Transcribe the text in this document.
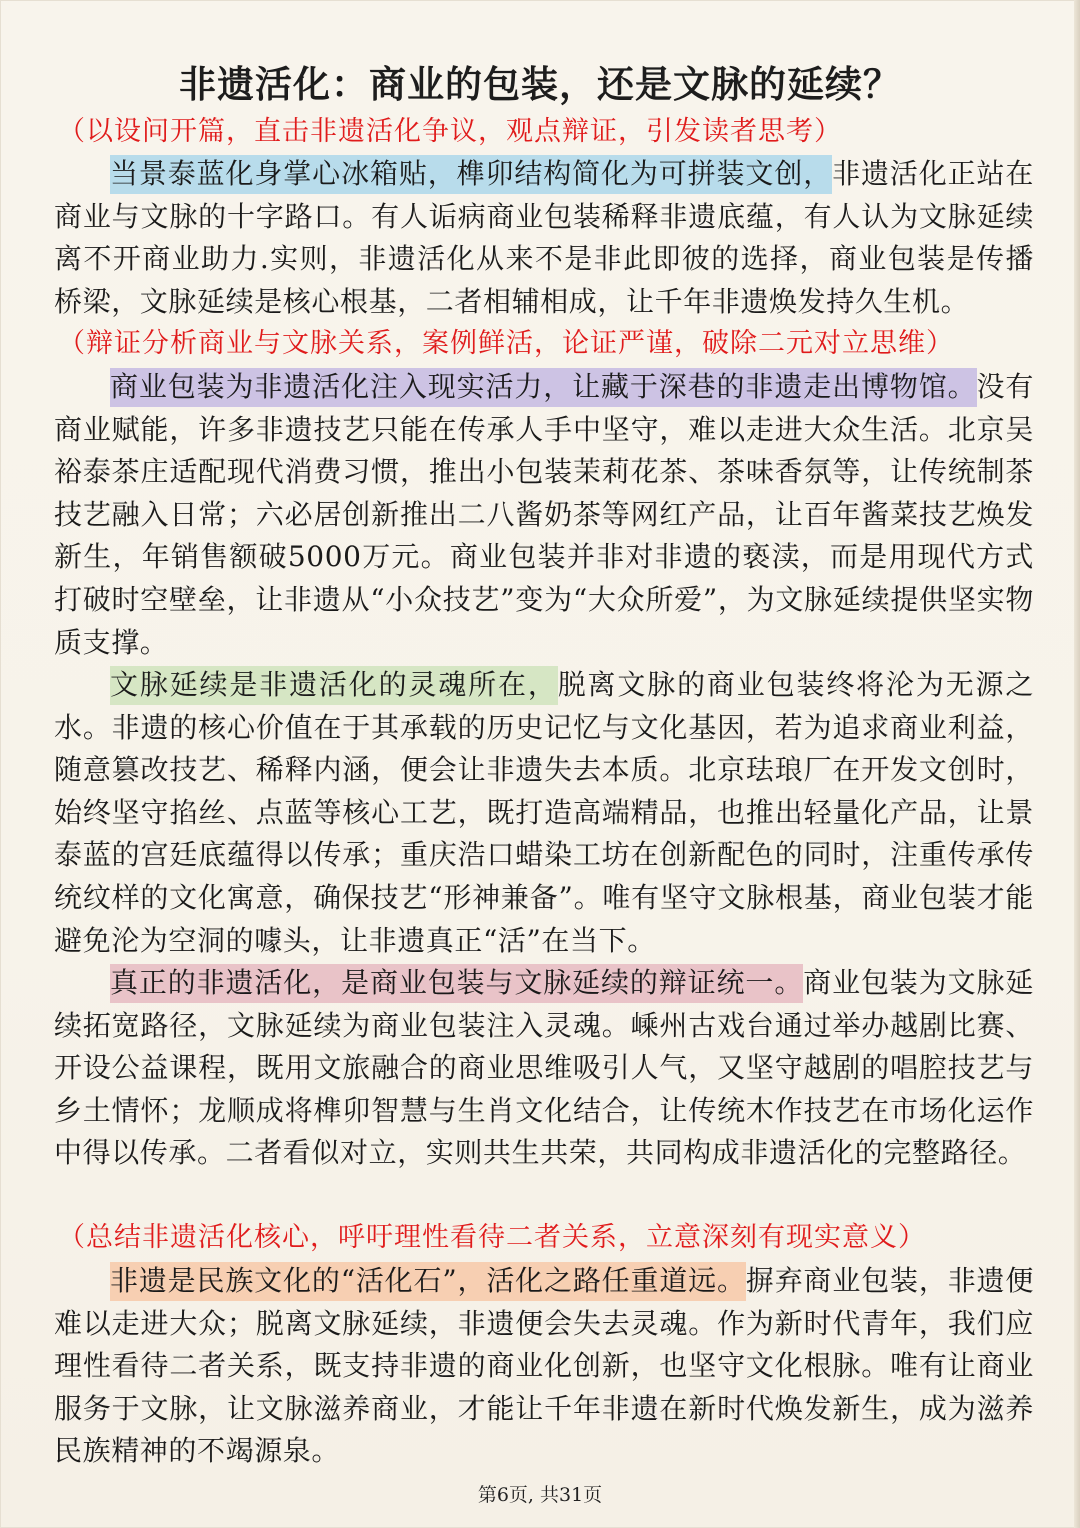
非遗活化：商业的包装，还是文脉的延续？
（以设问开篇，直击非遗活化争议，观点辩证，引发读者思考）
当景泰蓝化身掌心冰箱贴，榫卯结构简化为可拼装文创，非遗活化正站在商业与文脉的十字路口。有人诟病商业包装稀释非遗底蕴，有人认为文脉延续离不开商业助力.实则，非遗活化从来不是非此即彼的选择，商业包装是传播桥梁，文脉延续是核心根基，二者相辅相成，让千年非遗焕发持久生机。
（辩证分析商业与文脉关系，案例鲜活，论证严谨，破除二元对立思维）
商业包装为非遗活化注入现实活力，让藏于深巷的非遗走出博物馆。没有商业赋能，许多非遗技艺只能在传承人手中坚守，难以走进大众生活。北京吴裕泰茶庄适配现代消费习惯，推出小包装茉莉花茶、茶味香氛等，让传统制茶技艺融入日常；六必居创新推出二八酱奶茶等网红产品，让百年酱菜技艺焕发新生，年销售额破5000万元。商业包装并非对非遗的亵渎，而是用现代方式打破时空壁垒，让非遗从“小众技艺”变为“大众所爱”，为文脉延续提供坚实物质支撑。
文脉延续是非遗活化的灵魂所在，脱离文脉的商业包装终将沦为无源之水。非遗的核心价值在于其承载的历史记忆与文化基因，若为追求商业利益，随意篡改技艺、稀释内涵，便会让非遗失去本质。北京珐琅厂在开发文创时，始终坚守掐丝、点蓝等核心工艺，既打造高端精品，也推出轻量化产品，让景泰蓝的宫廷底蕴得以传承；重庆浩口蜡染工坊在创新配色的同时，注重传承传统纹样的文化寓意，确保技艺“形神兼备”。唯有坚守文脉根基，商业包装才能避免沦为空洞的噱头，让非遗真正“活”在当下。
真正的非遗活化，是商业包装与文脉延续的辩证统一。商业包装为文脉延续拓宽路径，文脉延续为商业包装注入灵魂。嵊州古戏台通过举办越剧比赛、开设公益课程，既用文旅融合的商业思维吸引人气，又坚守越剧的唱腔技艺与乡土情怀；龙顺成将榫卯智慧与生肖文化结合，让传统木作技艺在市场化运作中得以传承。二者看似对立，实则共生共荣，共同构成非遗活化的完整路径。
（总结非遗活化核心，呼吁理性看待二者关系，立意深刻有现实意义）
非遗是民族文化的“活化石”，活化之路任重道远。摒弃商业包装，非遗便难以走进大众；脱离文脉延续，非遗便会失去灵魂。作为新时代青年，我们应理性看待二者关系，既支持非遗的商业化创新，也坚守文化根脉。唯有让商业服务于文脉，让文脉滋养商业，才能让千年非遗在新时代焕发新生，成为滋养民族精神的不竭源泉。
第6页, 共31页
